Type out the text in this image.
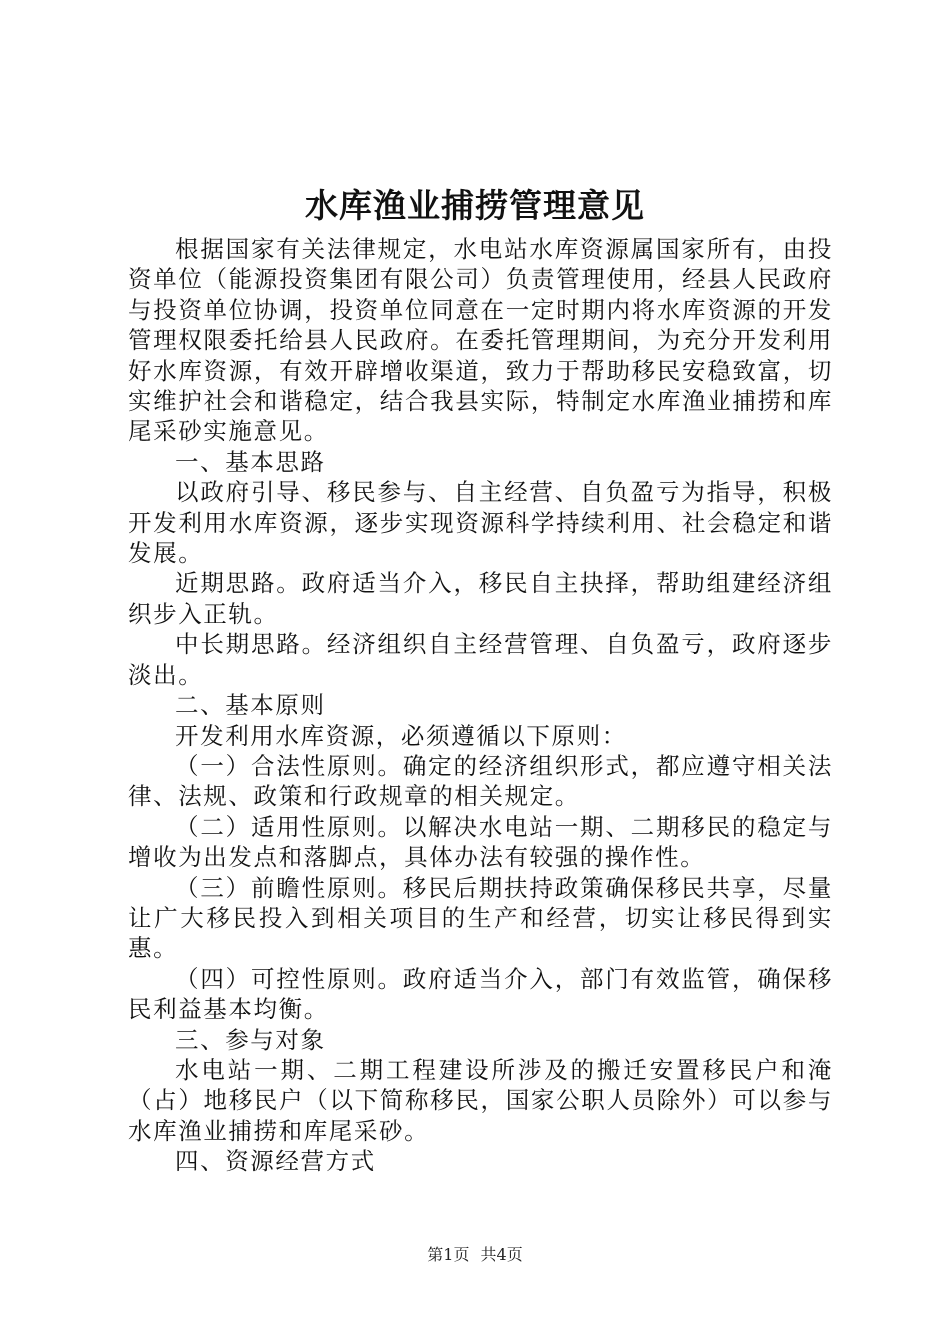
水库渔业捕捞管理意见

根据国家有关法律规定，水电站水库资源属国家所有，由投资单位（能源投资集团有限公司）负责管理使用，经县人民政府与投资单位协调，投资单位同意在一定时期内将水库资源的开发管理权限委托给县人民政府。在委托管理期间，为充分开发利用好水库资源，有效开辟增收渠道，致力于帮助移民安稳致富，切实维护社会和谐稳定，结合我县实际，特制定水库渔业捕捞和库尾采砂实施意见。

一、基本思路

以政府引导、移民参与、自主经营、自负盈亏为指导，积极开发利用水库资源，逐步实现资源科学持续利用、社会稳定和谐发展。

近期思路。政府适当介入，移民自主抉择，帮助组建经济组织步入正轨。

中长期思路。经济组织自主经营管理、自负盈亏，政府逐步淡出。

二、基本原则

开发利用水库资源，必须遵循以下原则：

（一）合法性原则。确定的经济组织形式，都应遵守相关法律、法规、政策和行政规章的相关规定。

（二）适用性原则。以解决水电站一期、二期移民的稳定与增收为出发点和落脚点，具体办法有较强的操作性。

（三）前瞻性原则。移民后期扶持政策确保移民共享，尽量让广大移民投入到相关项目的生产和经营，切实让移民得到实惠。

（四）可控性原则。政府适当介入，部门有效监管，确保移民利益基本均衡。

三、参与对象

水电站一期、二期工程建设所涉及的搬迁安置移民户和淹（占）地移民户（以下简称移民，国家公职人员除外）可以参与水库渔业捕捞和库尾采砂。

四、资源经营方式

第1页 共4页
